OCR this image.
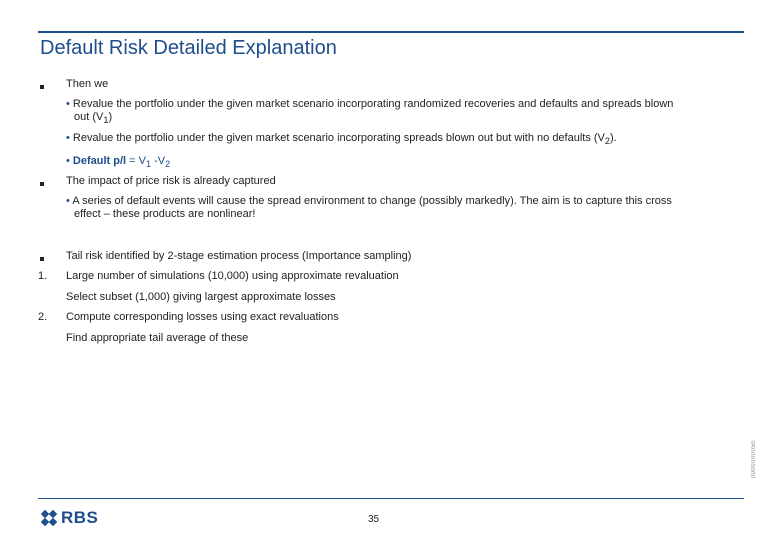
Default Risk Detailed Explanation
Then we
• Revalue the portfolio under the given market scenario incorporating randomized recoveries and defaults and spreads blown
out $(V_1)$
• Revalue the portfolio under the given market scenario incorporating spreads blown out but with no defaults $(V_2)$.
• Default $p/l = V_1$ $-V_2$
The impact of price risk is already captured
• A series of default events will cause the spread environment to change (possibly markedly). The aim is to capture this cross
effect – these products are nonlinear!
Tail risk identified by 2-stage estimation process (Importance sampling)
1. Large number of simulations (10,000) using approximate revaluation
Select subset (1,000) giving largest approximate losses
2. Compute corresponding losses using exact revaluations
Find appropriate tail average of these
0000000050
RBS	35
